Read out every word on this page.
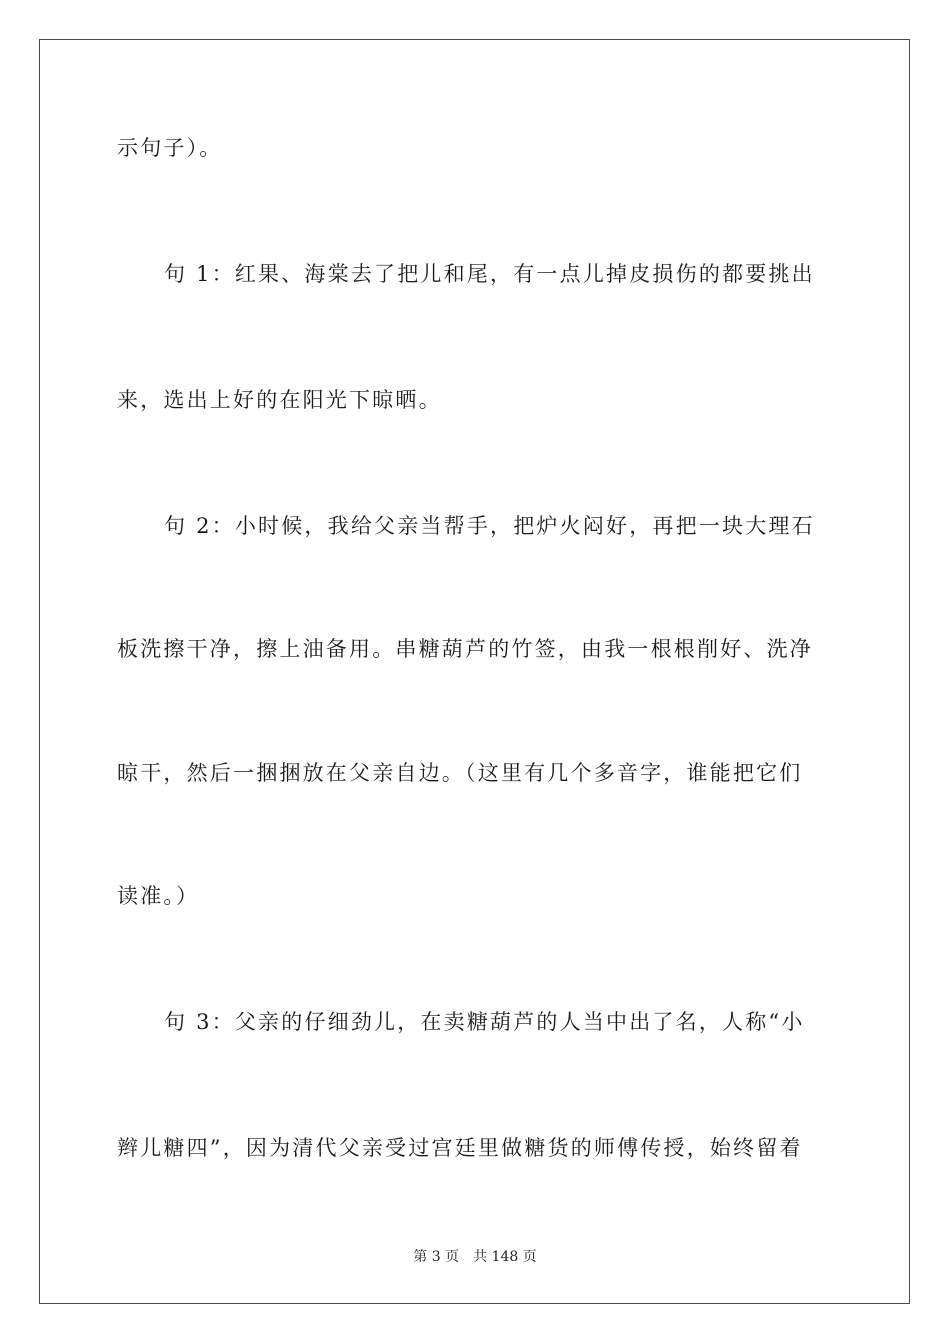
示句子）。
句 1：红果、海棠去了把儿和尾，有一点儿掉皮损伤的都要挑出
来，选出上好的在阳光下晾晒。
句 2：小时候，我给父亲当帮手，把炉火闷好，再把一块大理石
板洗擦干净，擦上油备用。串糖葫芦的竹签，由我一根根削好、洗净
晾干，然后一捆捆放在父亲自边。（这里有几个多音字，谁能把它们
读准。）
句 3：父亲的仔细劲儿，在卖糖葫芦的人当中出了名，人称“小
辫儿糖四”，因为清代父亲受过宫廷里做糖货的师傅传授，始终留着
第 3 页 共 148 页
